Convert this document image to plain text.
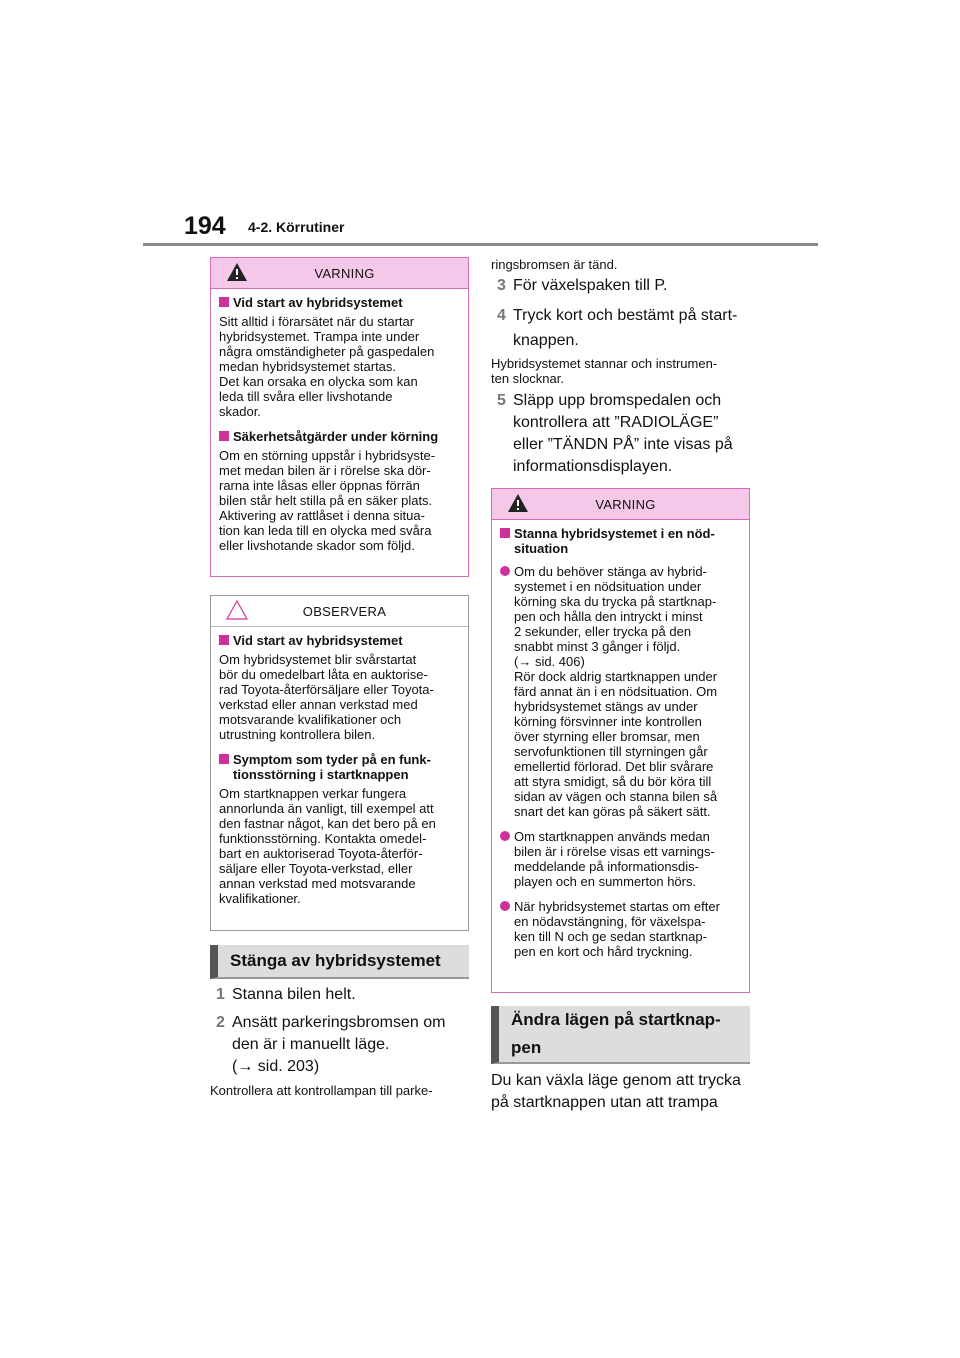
194 4-2. Körrutiner
VARNING
Vid start av hybridsystemet
Sitt alltid i förarsätet när du startar
hybridsystemet. Trampa inte under
några omständigheter på gaspedalen
medan hybridsystemet startas.
Det kan orsaka en olycka som kan
leda till svåra eller livshotande
skador.
Säkerhetsåtgärder under körning
Om en störning uppstår i hybridsyste-
met medan bilen är i rörelse ska dör-
rarna inte låsas eller öppnas förrän
bilen står helt stilla på en säker plats.
Aktivering av rattlåset i denna situa-
tion kan leda till en olycka med svåra
eller livshotande skador som följd.
OBSERVERA
Vid start av hybridsystemet
Om hybridsystemet blir svårstartat
bör du omedelbart låta en auktorise-
rad Toyota-återförsäljare eller Toyota-
verkstad eller annan verkstad med
motsvarande kvalifikationer och
utrustning kontrollera bilen.
Symptom som tyder på en funk-
tionsstörning i startknappen
Om startknappen verkar fungera
annorlunda än vanligt, till exempel att
den fastnar något, kan det bero på en
funktionsstörning. Kontakta omedel-
bart en auktoriserad Toyota-återför-
säljare eller Toyota-verkstad, eller
annan verkstad med motsvarande
kvalifikationer.
Stänga av hybridsystemet
1 Stanna bilen helt.
2 Ansätt parkeringsbromsen om
den är i manuellt läge.
(→ sid. 203)
Kontrollera att kontrollampan till parke-
ringsbromsen är tänd.
3 För växelspaken till P.
4 Tryck kort och bestämt på start-
knappen.
Hybridsystemet stannar och instrumen-
ten slocknar.
5 Släpp upp bromspedalen och
kontrollera att ”RADIOLÄGE”
eller ”TÄNDN PÅ” inte visas på
informationsdisplayen.
VARNING
Stanna hybridsystemet i en nöd-
situation
Om du behöver stänga av hybrid-
systemet i en nödsituation under
körning ska du trycka på startknap-
pen och hålla den intryckt i minst
2 sekunder, eller trycka på den
snabbt minst 3 gånger i följd.
(→ sid. 406)
Rör dock aldrig startknappen under
färd annat än i en nödsituation. Om
hybridsystemet stängs av under
körning försvinner inte kontrollen
över styrning eller bromsar, men
servofunktionen till styrningen går
emellertid förlorad. Det blir svårare
att styra smidigt, så du bör köra till
sidan av vägen och stanna bilen så
snart det kan göras på säkert sätt.
Om startknappen används medan
bilen är i rörelse visas ett varnings-
meddelande på informationsdis-
playen och en summerton hörs.
När hybridsystemet startas om efter
en nödavstängning, för växelspa-
ken till N och ge sedan startknap-
pen en kort och hård tryckning.
Ändra lägen på startknap-
pen
Du kan växla läge genom att trycka
på startknappen utan att trampa
